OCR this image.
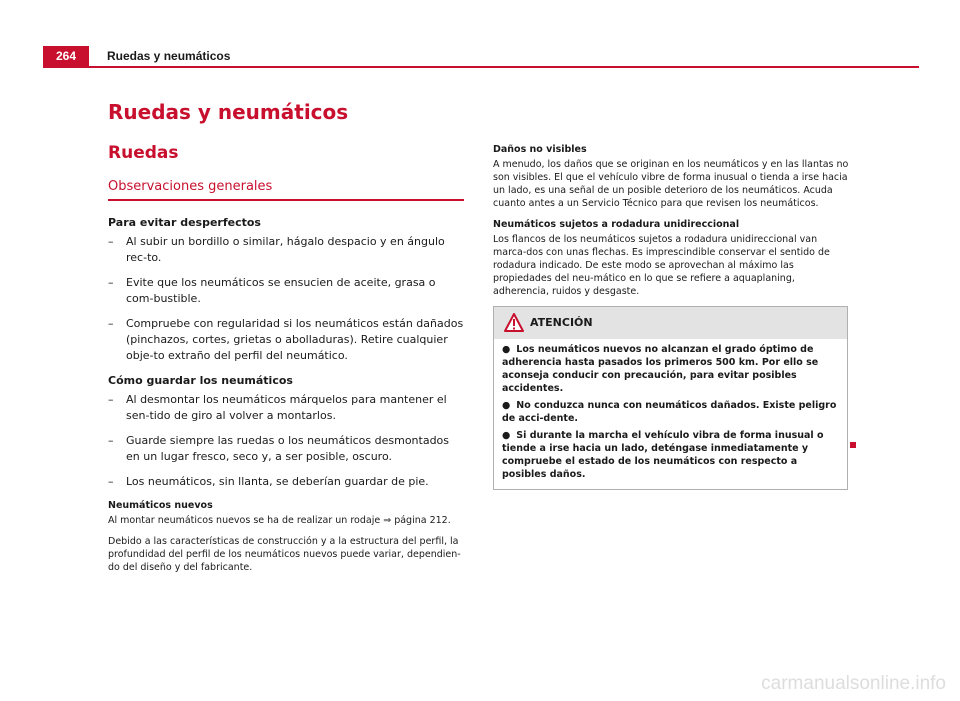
264	Ruedas y neumáticos
Ruedas y neumáticos
Ruedas
Observaciones generales
Para evitar desperfectos
– Al subir un bordillo o similar, hágalo despacio y en ángulo rec-to.
– Evite que los neumáticos se ensucien de aceite, grasa o com-bustible.
– Compruebe con regularidad si los neumáticos están dañados (pinchazos, cortes, grietas o abolladuras). Retire cualquier obje-to extraño del perfil del neumático.
Cómo guardar los neumáticos
– Al desmontar los neumáticos márquelos para mantener el sen-tido de giro al volver a montarlos.
– Guarde siempre las ruedas o los neumáticos desmontados en un lugar fresco, seco y, a ser posible, oscuro.
– Los neumáticos, sin llanta, se deberían guardar de pie.
Neumáticos nuevos
Al montar neumáticos nuevos se ha de realizar un rodaje ⇒ página 212.
Debido a las características de construcción y a la estructura del perfil, la profundidad del perfil de los neumáticos nuevos puede variar, dependien-do del diseño y del fabricante.
Daños no visibles
A menudo, los daños que se originan en los neumáticos y en las llantas no son visibles. El que el vehículo vibre de forma inusual o tienda a irse hacia un lado, es una señal de un posible deterioro de los neumáticos. Acuda cuanto antes a un Servicio Técnico para que revisen los neumáticos.
Neumáticos sujetos a rodadura unidireccional
Los flancos de los neumáticos sujetos a rodadura unidireccional van marca-dos con unas flechas. Es imprescindible conservar el sentido de rodadura indicado. De este modo se aprovechan al máximo las propiedades del neu-mático en lo que se refiere a aquaplaning, adherencia, ruidos y desgaste.
ATENCIÓN
● Los neumáticos nuevos no alcanzan el grado óptimo de adherencia hasta pasados los primeros 500 km. Por ello se aconseja conducir con precaución, para evitar posibles accidentes.
● No conduzca nunca con neumáticos dañados. Existe peligro de acci-dente.
● Si durante la marcha el vehículo vibra de forma inusual o tiende a irse hacia un lado, deténgase inmediatamente y compruebe el estado de los neumáticos con respecto a posibles daños.
carmanualsonline.info
